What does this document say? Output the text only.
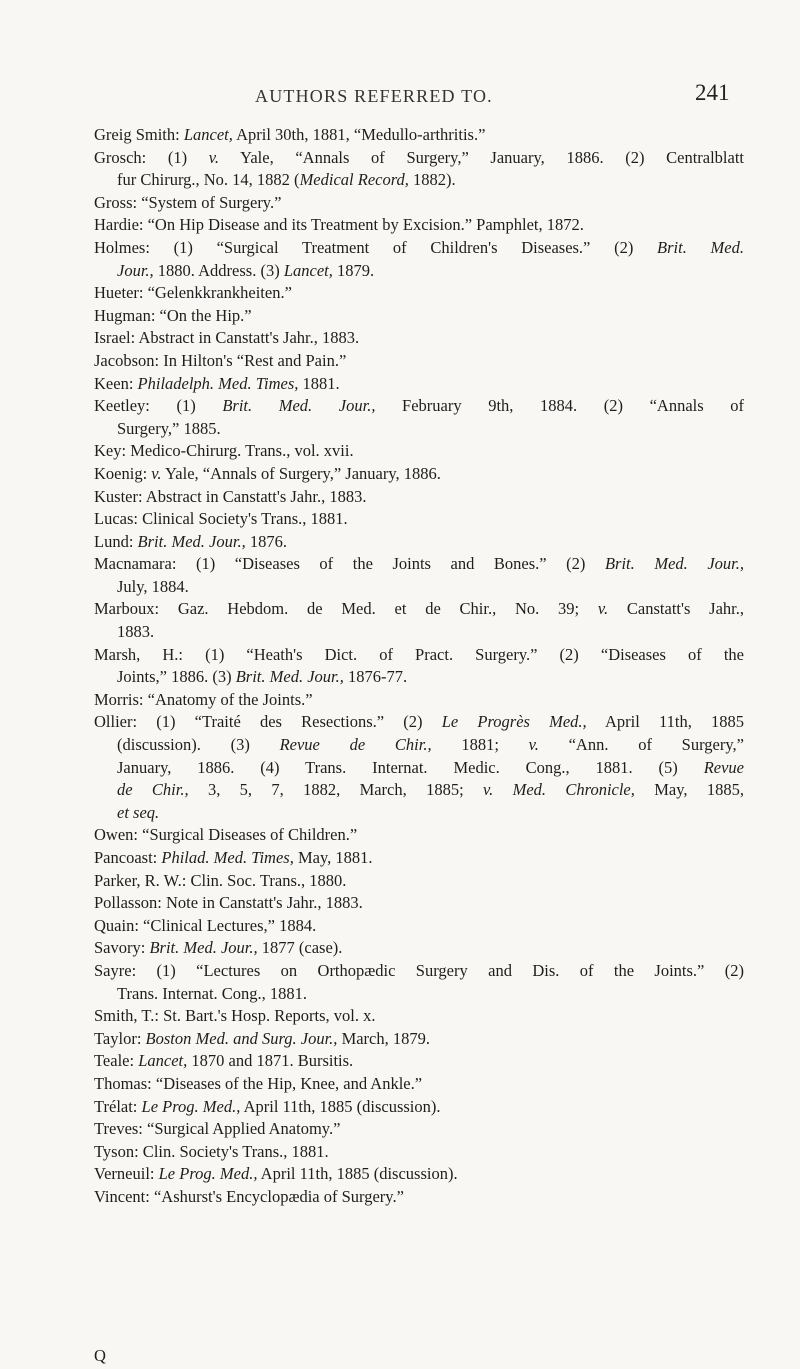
AUTHORS REFERRED TO.	241
Greig Smith: Lancet, April 30th, 1881, “Medullo-arthritis.”
Grosch: (1) v. Yale, “Annals of Surgery,” January, 1886. (2) Centralblatt
fur Chirurg., No. 14, 1882 (Medical Record, 1882).
Gross: “System of Surgery.”
Hardie: “On Hip Disease and its Treatment by Excision.” Pamphlet, 1872.
Holmes: (1) “Surgical Treatment of Children's Diseases.” (2) Brit. Med.
Jour., 1880. Address. (3) Lancet, 1879.
Hueter: “Gelenkkrankheiten.”
Hugman: “On the Hip.”
Israel: Abstract in Canstatt's Jahr., 1883.
Jacobson: In Hilton's “Rest and Pain.”
Keen: Philadelph. Med. Times, 1881.
Keetley: (1) Brit. Med. Jour., February 9th, 1884. (2) “Annals of
Surgery,” 1885.
Key: Medico-Chirurg. Trans., vol. xvii.
Koenig: v. Yale, “Annals of Surgery,” January, 1886.
Kuster: Abstract in Canstatt's Jahr., 1883.
Lucas: Clinical Society's Trans., 1881.
Lund: Brit. Med. Jour., 1876.
Macnamara: (1) “Diseases of the Joints and Bones.” (2) Brit. Med. Jour.,
July, 1884.
Marboux: Gaz. Hebdom. de Med. et de Chir., No. 39; v. Canstatt's Jahr.,
1883.
Marsh, H.: (1) “Heath's Dict. of Pract. Surgery.” (2) “Diseases of the
Joints,” 1886. (3) Brit. Med. Jour., 1876-77.
Morris: “Anatomy of the Joints.”
Ollier: (1) “Traité des Resections.” (2) Le Progrès Med., April 11th, 1885
(discussion). (3) Revue de Chir., 1881; v. “Ann. of Surgery,”
January, 1886. (4) Trans. Internat. Medic. Cong., 1881. (5) Revue
de Chir., 3, 5, 7, 1882, March, 1885; v. Med. Chronicle, May, 1885,
et seq.
Owen: “Surgical Diseases of Children.”
Pancoast: Philad. Med. Times, May, 1881.
Parker, R. W.: Clin. Soc. Trans., 1880.
Pollasson: Note in Canstatt's Jahr., 1883.
Quain: “Clinical Lectures,” 1884.
Savory: Brit. Med. Jour., 1877 (case).
Sayre: (1) “Lectures on Orthopædic Surgery and Dis. of the Joints.” (2)
Trans. Internat. Cong., 1881.
Smith, T.: St. Bart.'s Hosp. Reports, vol. x.
Taylor: Boston Med. and Surg. Jour., March, 1879.
Teale: Lancet, 1870 and 1871. Bursitis.
Thomas: “Diseases of the Hip, Knee, and Ankle.”
Trélat: Le Prog. Med., April 11th, 1885 (discussion).
Treves: “Surgical Applied Anatomy.”
Tyson: Clin. Society's Trans., 1881.
Verneuil: Le Prog. Med., April 11th, 1885 (discussion).
Vincent: “Ashurst's Encyclopædia of Surgery.”
Q
